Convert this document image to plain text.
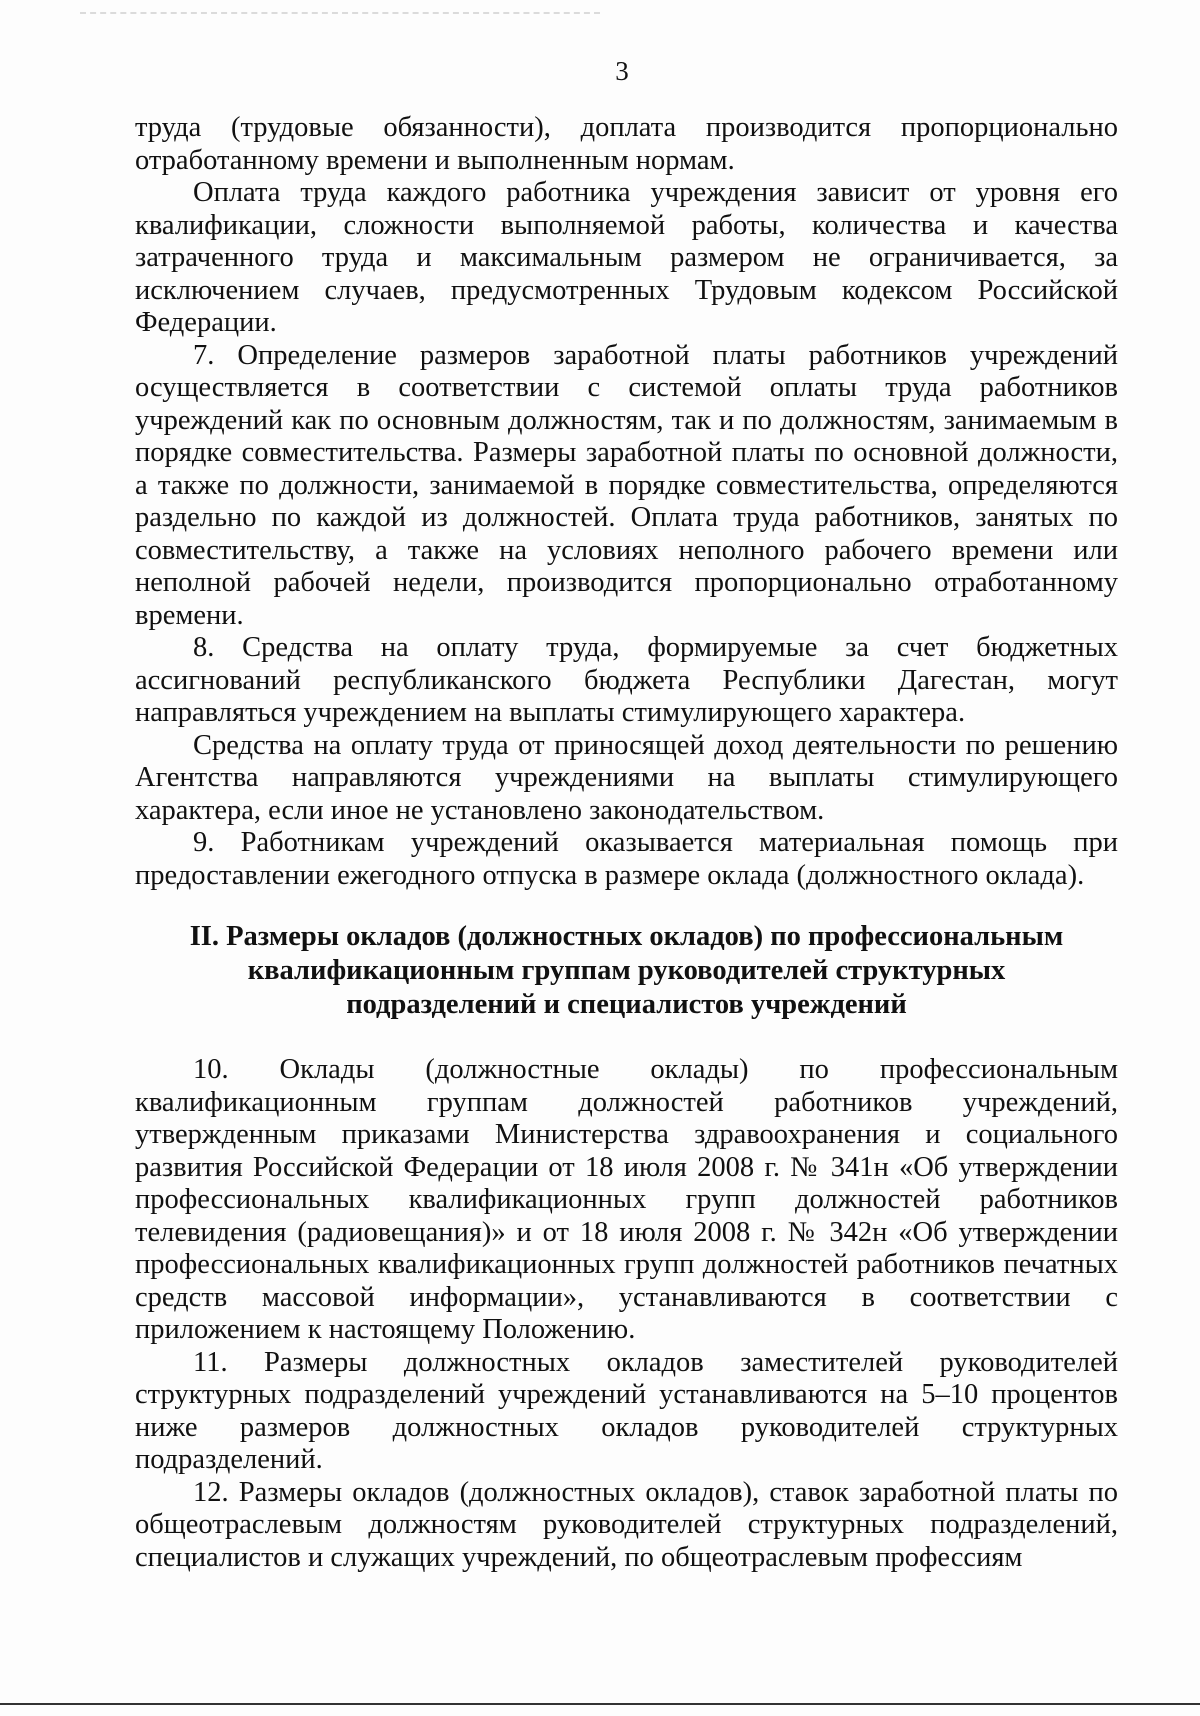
3

труда (трудовые обязанности), доплата производится пропорционально отработанному времени и выполненным нормам.

Оплата труда каждого работника учреждения зависит от уровня его квалификации, сложности выполняемой работы, количества и качества затраченного труда и максимальным размером не ограничивается, за исключением случаев, предусмотренных Трудовым кодексом Российской Федерации.

7. Определение размеров заработной платы работников учреждений осуществляется в соответствии с системой оплаты труда работников учреждений как по основным должностям, так и по должностям, занимаемым в порядке совместительства. Размеры заработной платы по основной должности, а также по должности, занимаемой в порядке совместительства, определяются раздельно по каждой из должностей. Оплата труда работников, занятых по совместительству, а также на условиях неполного рабочего времени или неполной рабочей недели, производится пропорционально отработанному времени.

8. Средства на оплату труда, формируемые за счет бюджетных ассигнований республиканского бюджета Республики Дагестан, могут направляться учреждением на выплаты стимулирующего характера.

Средства на оплату труда от приносящей доход деятельности по решению Агентства направляются учреждениями на выплаты стимулирующего характера, если иное не установлено законодательством.

9. Работникам учреждений оказывается материальная помощь при предоставлении ежегодного отпуска в размере оклада (должностного оклада).

II. Размеры окладов (должностных окладов) по профессиональным
квалификационным группам руководителей структурных
подразделений и специалистов учреждений

10. Оклады (должностные оклады) по профессиональным квалификационным группам должностей работников учреждений, утвержденным приказами Министерства здравоохранения и социального развития Российской Федерации от 18 июля 2008 г. № 341н «Об утверждении профессиональных квалификационных групп должностей работников телевидения (радиовещания)» и от 18 июля 2008 г. № 342н «Об утверждении профессиональных квалификационных групп должностей работников печатных средств массовой информации», устанавливаются в соответствии с приложением к настоящему Положению.

11. Размеры должностных окладов заместителей руководителей структурных подразделений учреждений устанавливаются на 5–10 процентов ниже размеров должностных окладов руководителей структурных подразделений.

12. Размеры окладов (должностных окладов), ставок заработной платы по общеотраслевым должностям руководителей структурных подразделений, специалистов и служащих учреждений, по общеотраслевым профессиям
